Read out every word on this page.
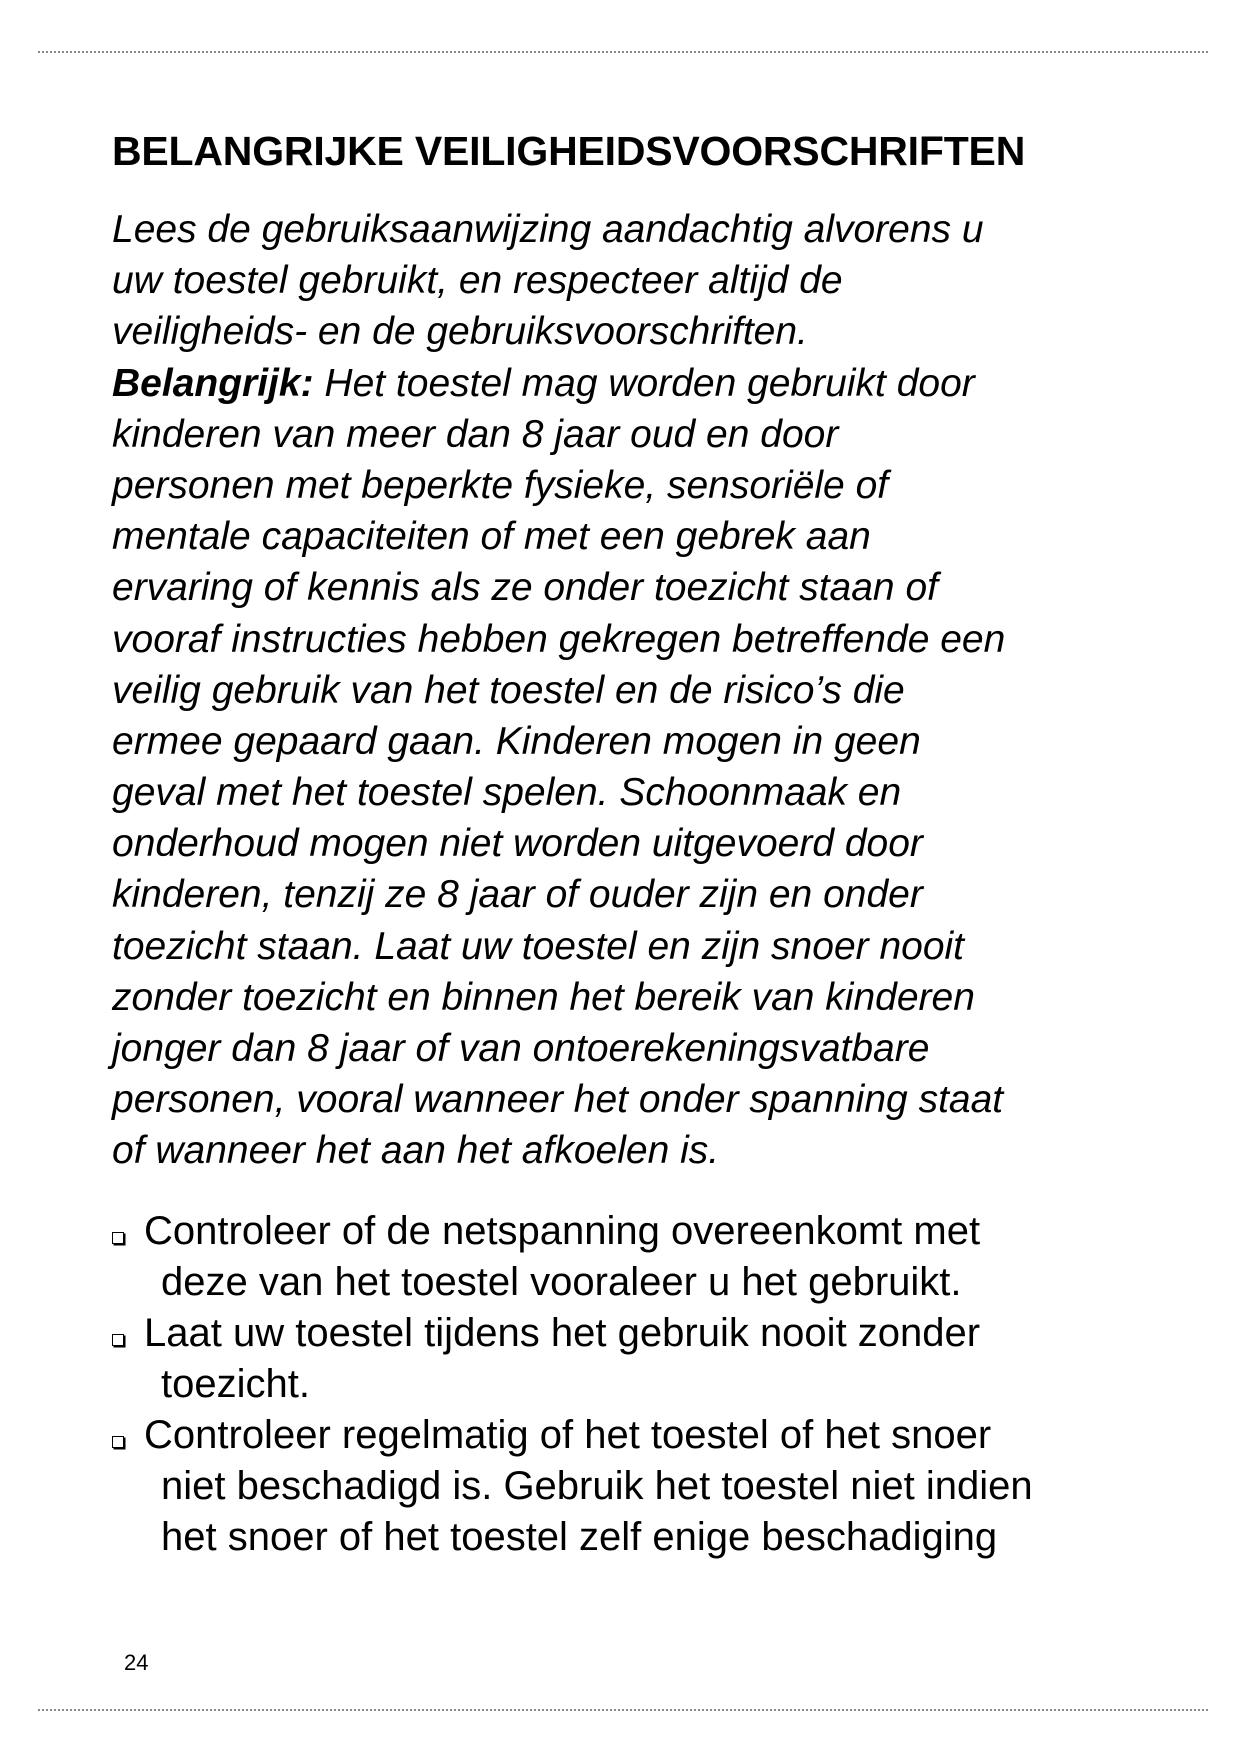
BELANGRIJKE VEILIGHEIDSVOORSCHRIFTEN
Lees de gebruiksaanwijzing aandachtig alvorens u
uw toestel gebruikt, en respecteer altijd de
veiligheids- en de gebruiksvoorschriften.
Belangrijk: Het toestel mag worden gebruikt door
kinderen van meer dan 8 jaar oud en door
personen met beperkte fysieke, sensoriële of
mentale capaciteiten of met een gebrek aan
ervaring of kennis als ze onder toezicht staan of
vooraf instructies hebben gekregen betreffende een
veilig gebruik van het toestel en de risico’s die
ermee gepaard gaan. Kinderen mogen in geen
geval met het toestel spelen. Schoonmaak en
onderhoud mogen niet worden uitgevoerd door
kinderen, tenzij ze 8 jaar of ouder zijn en onder
toezicht staan. Laat uw toestel en zijn snoer nooit
zonder toezicht en binnen het bereik van kinderen
jonger dan 8 jaar of van ontoerekeningsvatbare
personen, vooral wanneer het onder spanning staat
of wanneer het aan het afkoelen is.
Controleer of de netspanning overeenkomt met
deze van het toestel vooraleer u het gebruikt.
Laat uw toestel tijdens het gebruik nooit zonder
toezicht.
Controleer regelmatig of het toestel of het snoer
niet beschadigd is. Gebruik het toestel niet indien
het snoer of het toestel zelf enige beschadiging
24
